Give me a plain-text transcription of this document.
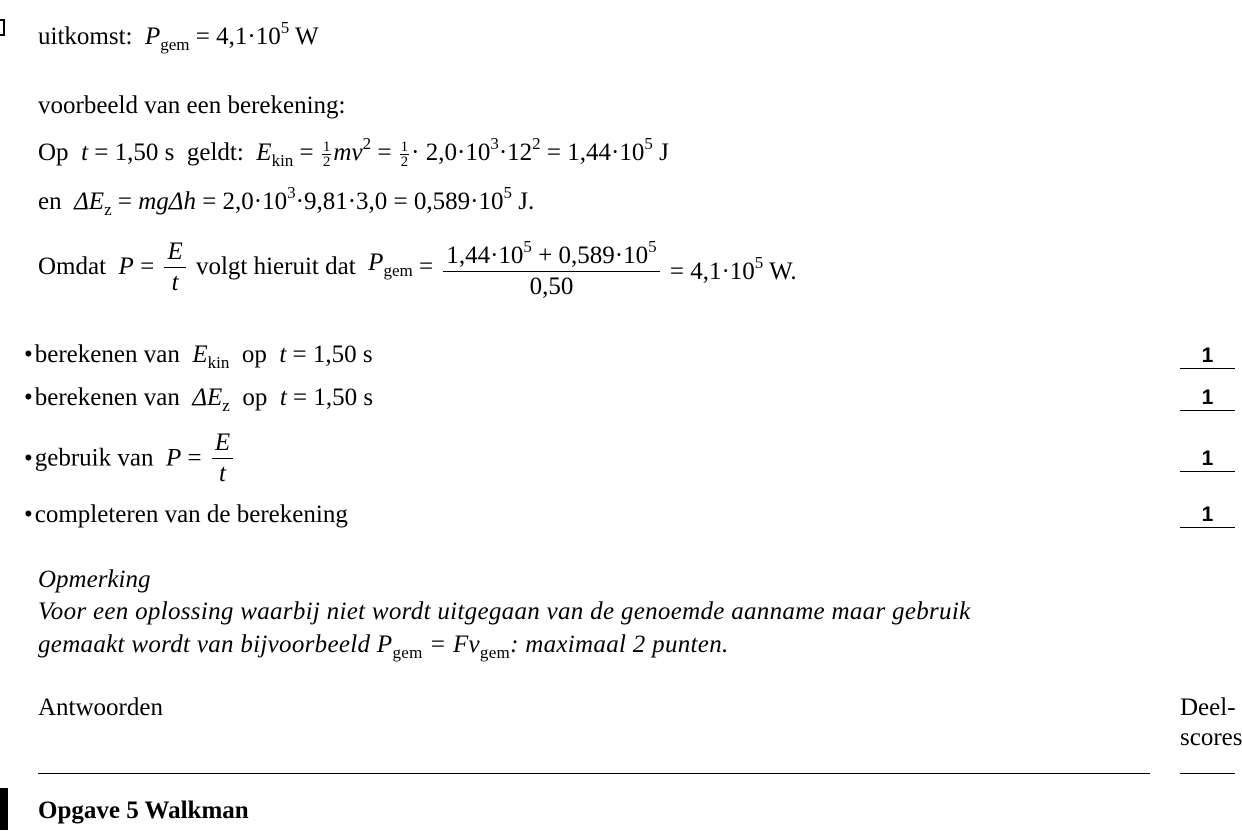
uitkomst: $P_{gem} = 4,1\cdot 10^5$ W
voorbeeld van een berekening:
Op t = 1,50 s geldt: $E_{kin} = \frac{1}{2} mv^2 = \frac{1}{2} \cdot 2,0\cdot 10^3\cdot 12^2 = 1,44\cdot 10^5$ J
en $\Delta E_z = mg\Delta h = 2,0\cdot 10^3\cdot 9,81\cdot 3,0 = 0,589\cdot 10^5$ J.
Omdat $P = \frac{E}{t}$ volgt hieruit dat $P_{gem} = \frac{1,44\cdot 10^5 + 0,589\cdot 10^5}{0,50} = 4,1\cdot 10^5$ W.
•berekenen van $E_{kin}$ op t = 1,50 s	1
•berekenen van $\Delta E_z$ op t = 1,50 s	1
•gebruik van $P = \frac{E}{t}$	1
•completeren van de berekening	1
Opmerking
Voor een oplossing waarbij niet wordt uitgegaan van de genoemde aanname maar gebruik
gemaakt wordt van bijvoorbeeld $P_{gem} = Fv_{gem}$: maximaal 2 punten.
Antwoorden	Deel-
scores
Opgave 5 Walkman
